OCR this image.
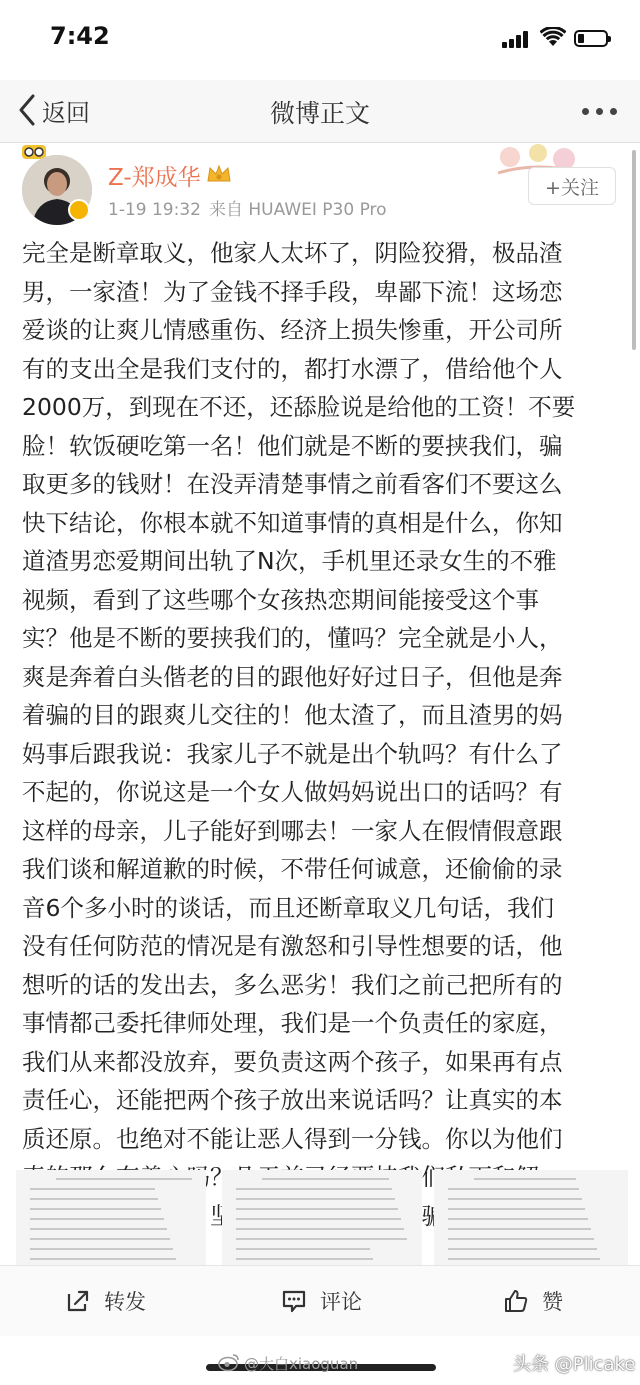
7:42
返回	微博正文
Z-郑成华
1-19 19:32 来自 HUAWEI P30 Pro
+关注
完全是断章取义，他家人太坏了，阴险狡猾，极品渣
男，一家渣！为了金钱不择手段，卑鄙下流！这场恋
爱谈的让爽儿情感重伤、经济上损失惨重，开公司所
有的支出全是我们支付的，都打水漂了，借给他个人
2000万，到现在不还，还舔脸说是给他的工资！不要
脸！软饭硬吃第一名！他们就是不断的要挟我们，骗
取更多的钱财！在没弄清楚事情之前看客们不要这么
快下结论，你根本就不知道事情的真相是什么，你知
道渣男恋爱期间出轨了N次，手机里还录女生的不雅
视频，看到了这些哪个女孩热恋期间能接受这个事
实？他是不断的要挟我们的，懂吗？完全就是小人，
爽是奔着白头偕老的目的跟他好好过日子，但他是奔
着骗的目的跟爽儿交往的！他太渣了，而且渣男的妈
妈事后跟我说：我家儿子不就是出个轨吗？有什么了
不起的，你说这是一个女人做妈妈说出口的话吗？有
这样的母亲，儿子能好到哪去！一家人在假情假意跟
我们谈和解道歉的时候，不带任何诚意，还偷偷的录
音6个多小时的谈话，而且还断章取义几句话，我们
没有任何防范的情况是有激怒和引导性想要的话，他
想听的话的发出去，多么恶劣！我们之前己把所有的
事情都己委托律师处理，我们是一个负责任的家庭，
我们从来都没放弃，要负责这两个孩子，如果再有点
责任心，还能把两个孩子放出来说话吗？让真实的本
质还原。也绝对不能让恶人得到一分钱。你以为他们
转发	评论	赞
@大白xiaoguan	头条 @Plicake
